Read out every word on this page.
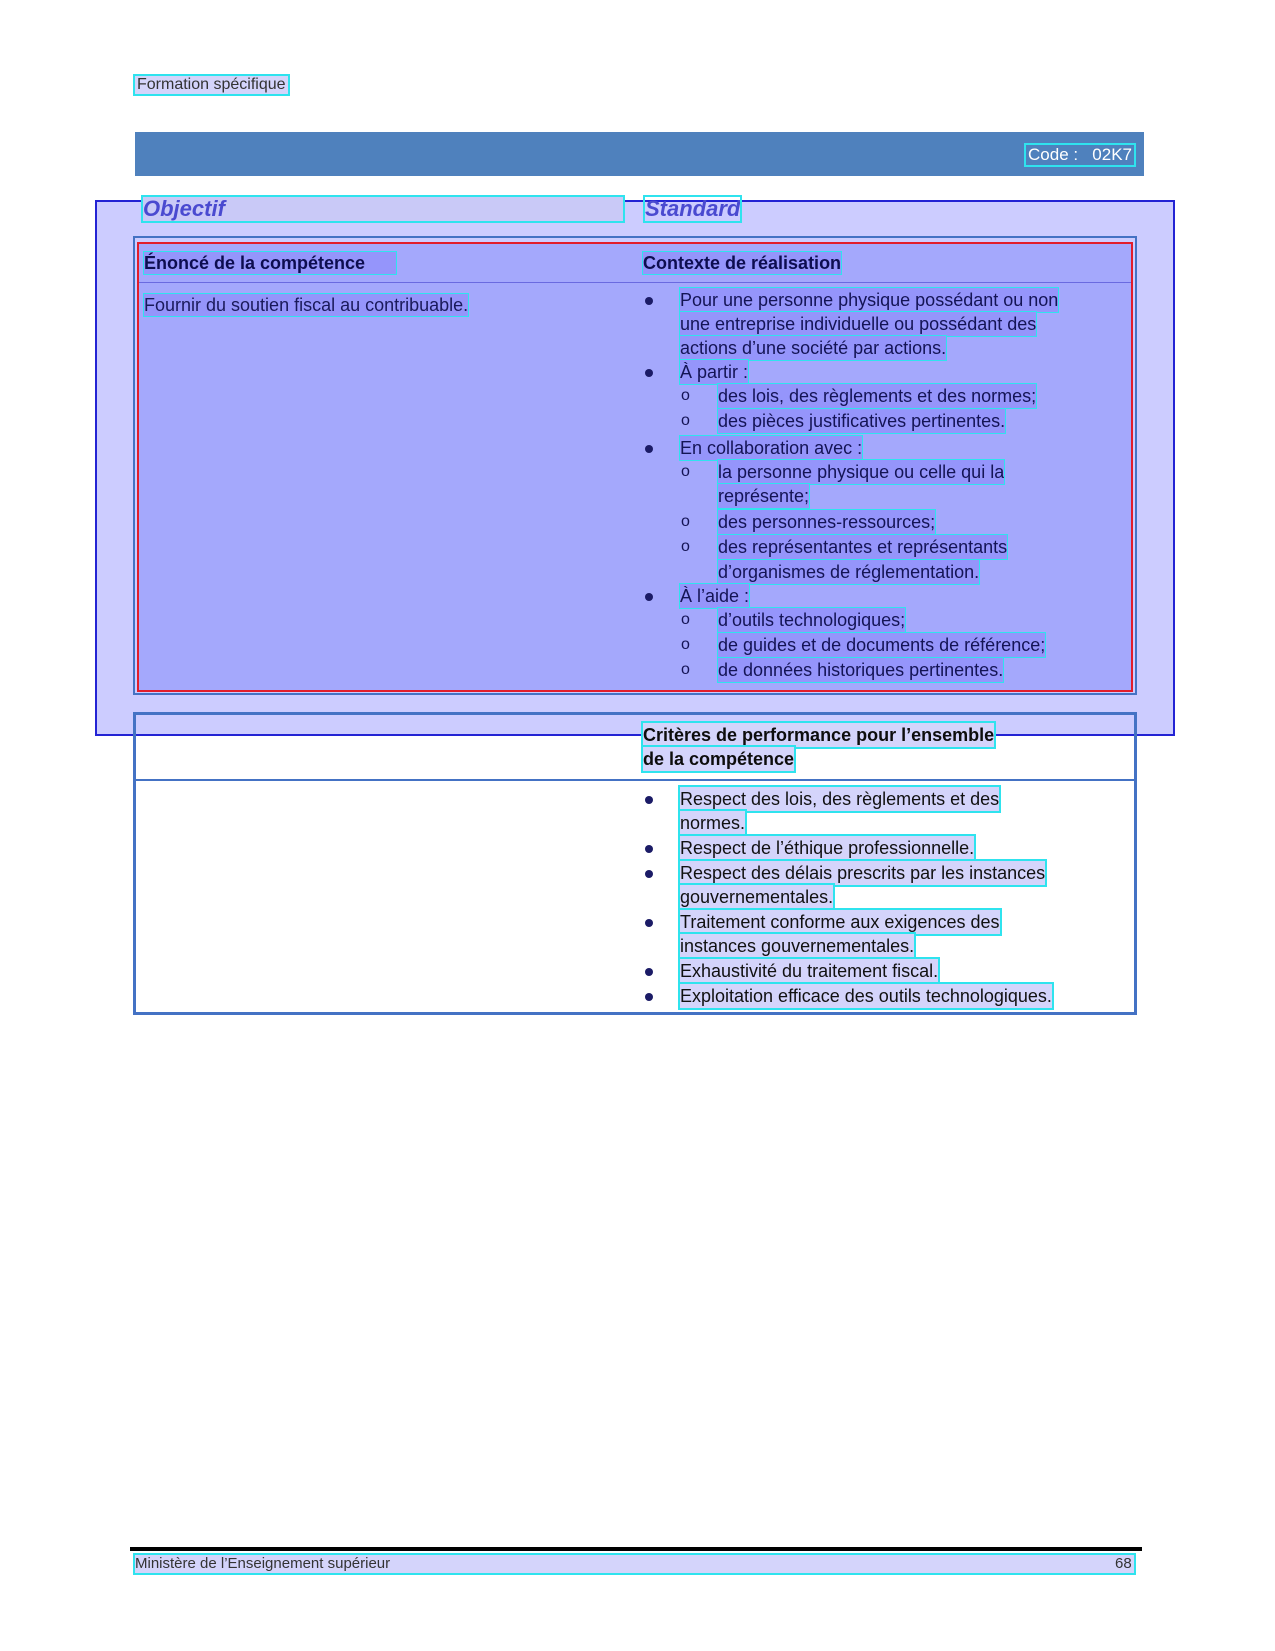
Formation spécifique
Code : 02K7
Objectif	Standard
Énoncé de la compétence	Contexte de réalisation
Fournir du soutien fiscal au contribuable.	Pour une personne physique possédant ou non
une entreprise individuelle ou possédant des
actions d’une société par actions.
À partir :
o des lois, des règlements et des normes;
o des pièces justificatives pertinentes.
En collaboration avec :
o la personne physique ou celle qui la
représente;
o des personnes-ressources;
o des représentantes et représentants
d’organismes de réglementation.
À l’aide :
o d’outils technologiques;
o de guides et de documents de référence;
o de données historiques pertinentes.
Critères de performance pour l’ensemble
de la compétence
Respect des lois, des règlements et des
normes.
Respect de l’éthique professionnelle.
Respect des délais prescrits par les instances
gouvernementales.
Traitement conforme aux exigences des
instances gouvernementales.
Exhaustivité du traitement fiscal.
Exploitation efficace des outils technologiques.
Ministère de l’Enseignement supérieur	68
